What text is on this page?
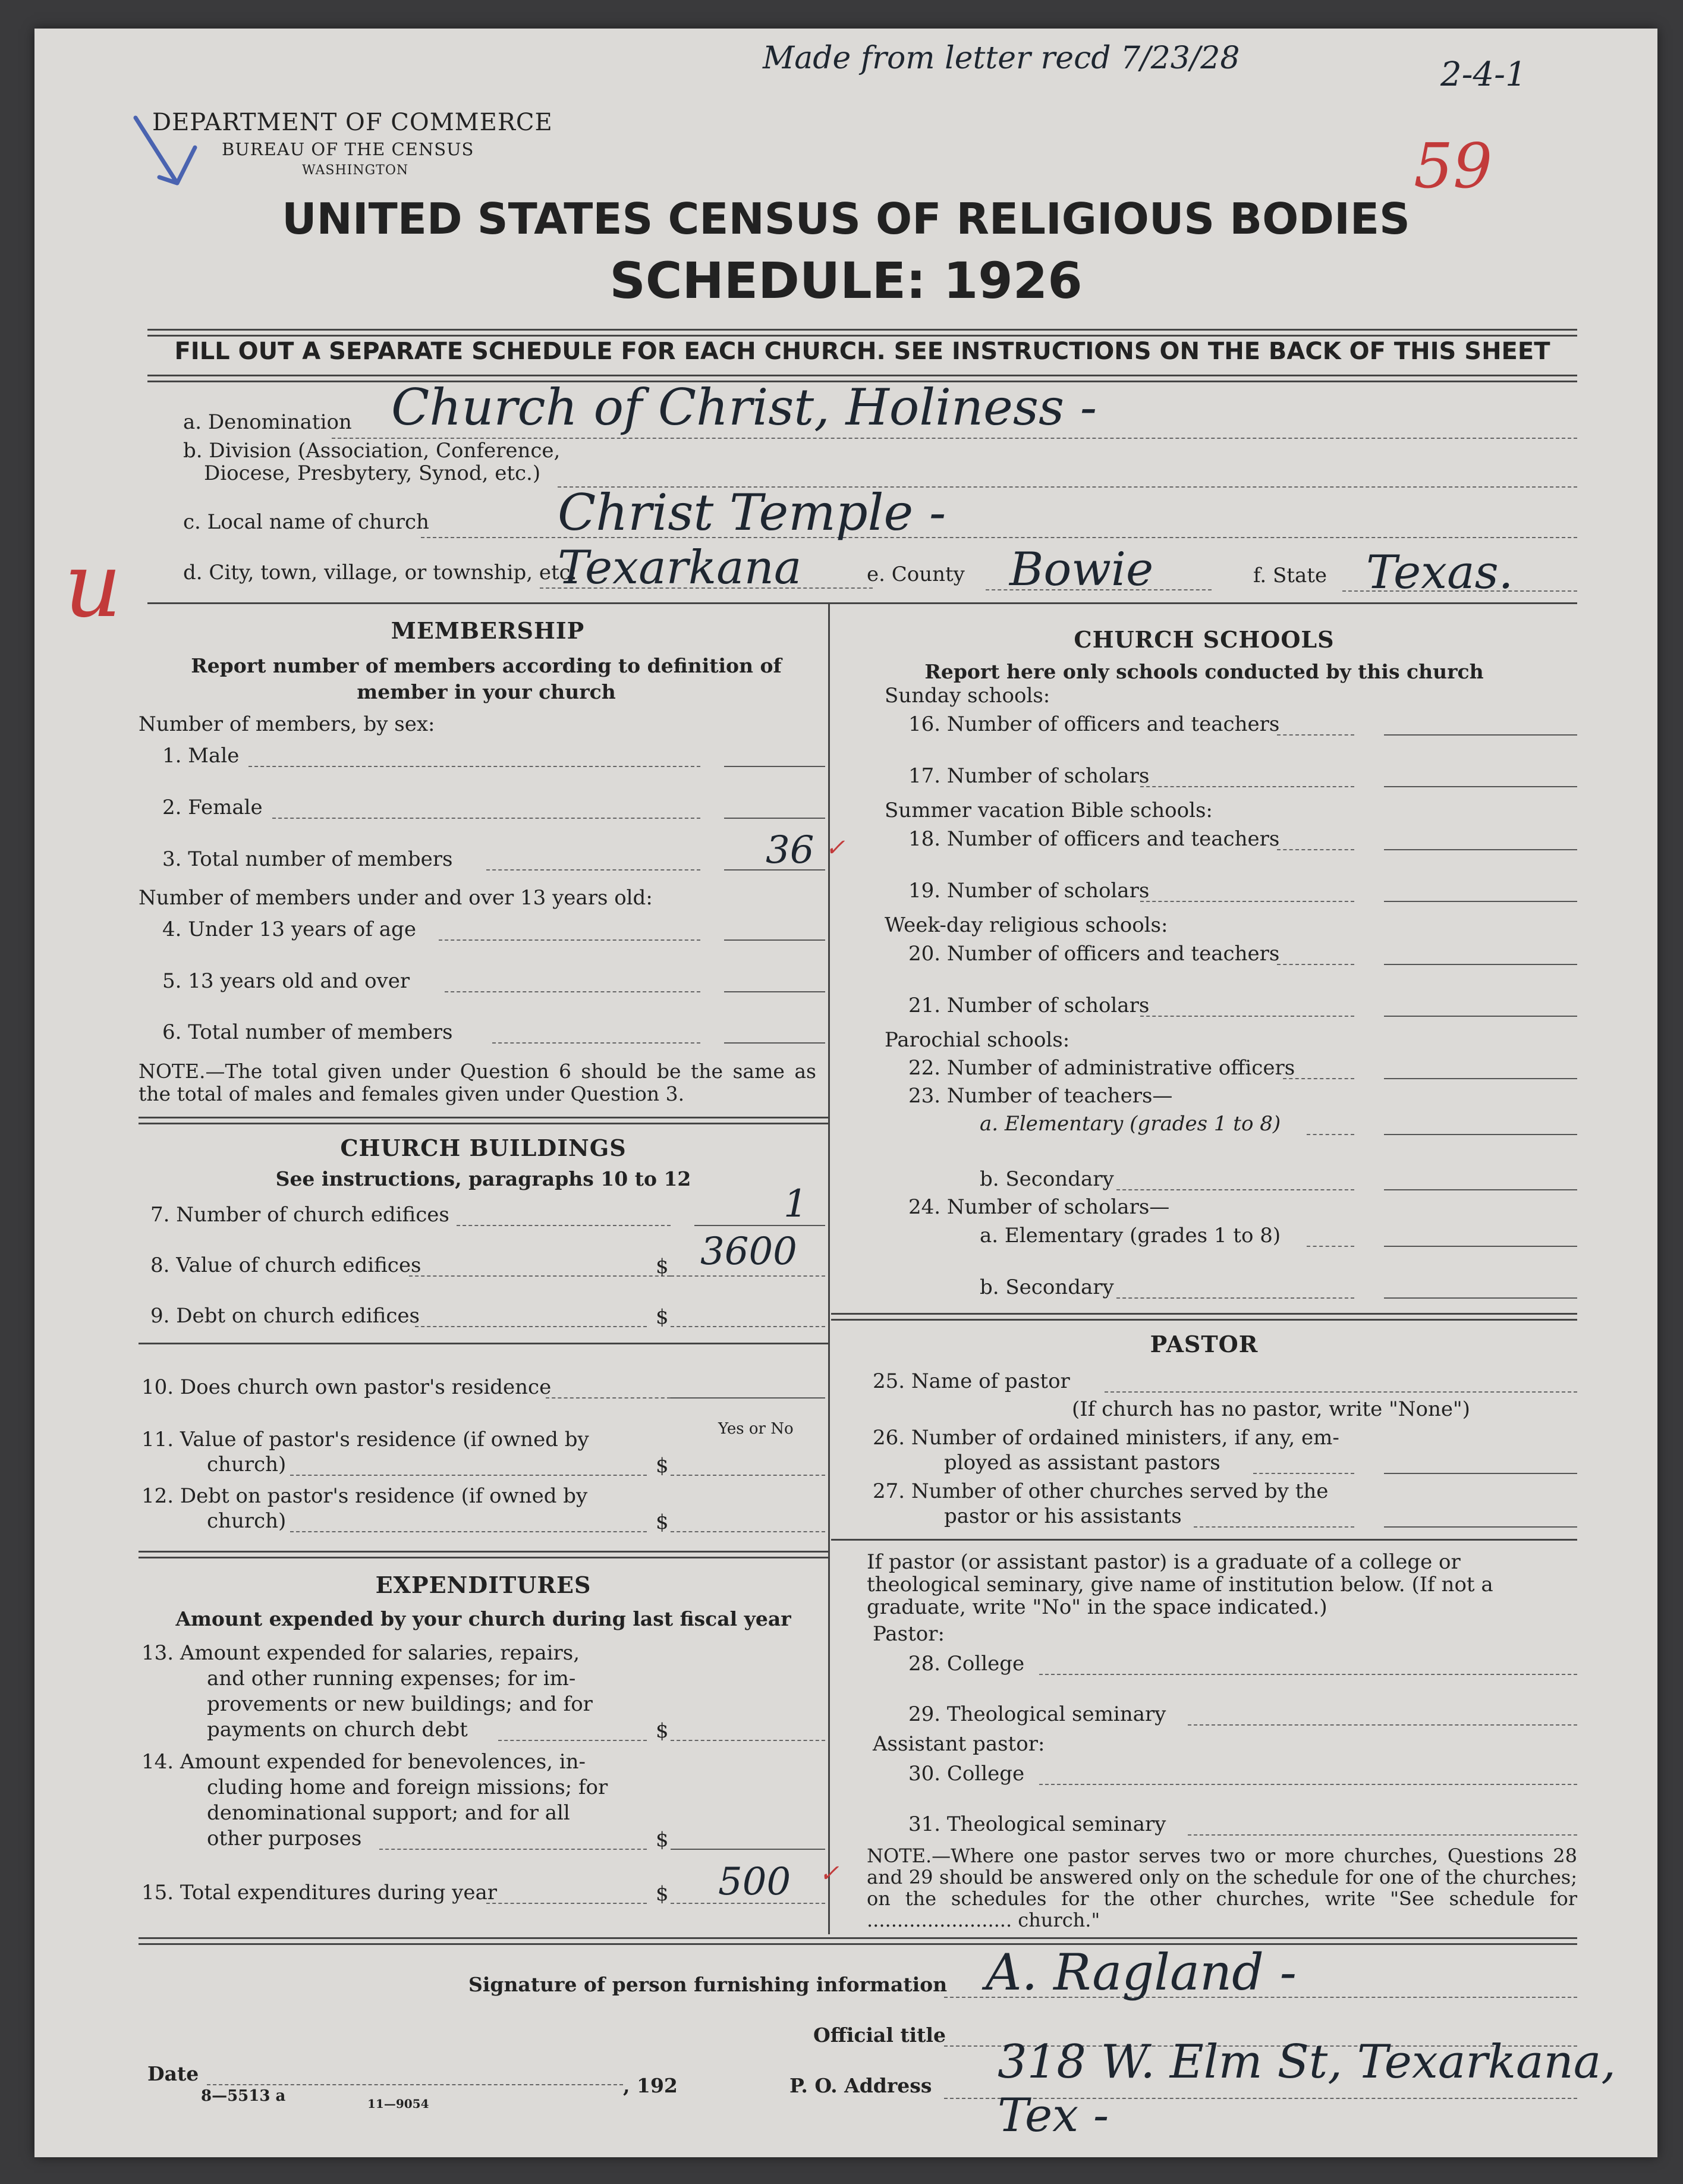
Made from letter recd 7/23/28	2-4-1
59
u
DEPARTMENT OF COMMERCE
BUREAU OF THE CENSUS
WASHINGTON
UNITED STATES CENSUS OF RELIGIOUS BODIES
SCHEDULE: 1926
FILL OUT A SEPARATE SCHEDULE FOR EACH CHURCH. SEE INSTRUCTIONS ON THE BACK OF THIS SHEET
a. Denomination Church of Christ, Holiness -
b. Division (Association, Conference,
Diocese, Presbytery, Synod, etc.)
c. Local name of church	Christ Temple -
d. City, town, village, or township, etc.
Texarkana	e. County Bowie	f. State Texas.
MEMBERSHIP
Report number of members according to definition of member in your church
Number of members, by sex:
1. Male
2. Female
3. Total number of members	36 ✓
Number of members under and over 13 years old:
4. Under 13 years of age
5. 13 years old and over
6. Total number of members
NOTE.—The total given under Question 6 should be the same as the total of males and females given under Question 3.
CHURCH BUILDINGS
See instructions, paragraphs 10 to 12
7. Number of church edifices	1
8. Value of church edifices	$ 3600
9. Debt on church edifices	$
10. Does church own pastor's residence
Yes or No
11. Value of pastor's residence (if owned by
church)	$
12. Debt on pastor's residence (if owned by
church)	$
EXPENDITURES
Amount expended by your church during last fiscal year
13. Amount expended for salaries, repairs,
and other running expenses; for im-
provements or new buildings; and for
payments on church debt	$
14. Amount expended for benevolences, in-
cluding home and foreign missions; for
denominational support; and for all
other purposes	$
15. Total expenditures during year	$ 500 ✓
CHURCH SCHOOLS
Report here only schools conducted by this church
Sunday schools:
16. Number of officers and teachers
17. Number of scholars
Summer vacation Bible schools:
18. Number of officers and teachers
19. Number of scholars
Week-day religious schools:
20. Number of officers and teachers
21. Number of scholars
Parochial schools:
22. Number of administrative officers
23. Number of teachers—
a. Elementary (grades 1 to 8)
b. Secondary
24. Number of scholars—
a. Elementary (grades 1 to 8)
b. Secondary
PASTOR
25. Name of pastor
(If church has no pastor, write "None")
26. Number of ordained ministers, if any, em-
ployed as assistant pastors
27. Number of other churches served by the
pastor or his assistants
If pastor (or assistant pastor) is a graduate of a college or theological seminary, give name of institution below. (If not a graduate, write "No" in the space indicated.)
Pastor:
28. College
29. Theological seminary
Assistant pastor:
30. College
31. Theological seminary
NOTE.—Where one pastor serves two or more churches, Questions 28 and 29 should be answered only on the schedule for one of the churches; on the schedules for the other churches, write "See schedule for ........................ church."
Signature of person furnishing information A. Ragland -
Official title
Date
, 192
8—5513 a	11—9054
P. O. Address 318 W. Elm St, Texarkana, Tex -
